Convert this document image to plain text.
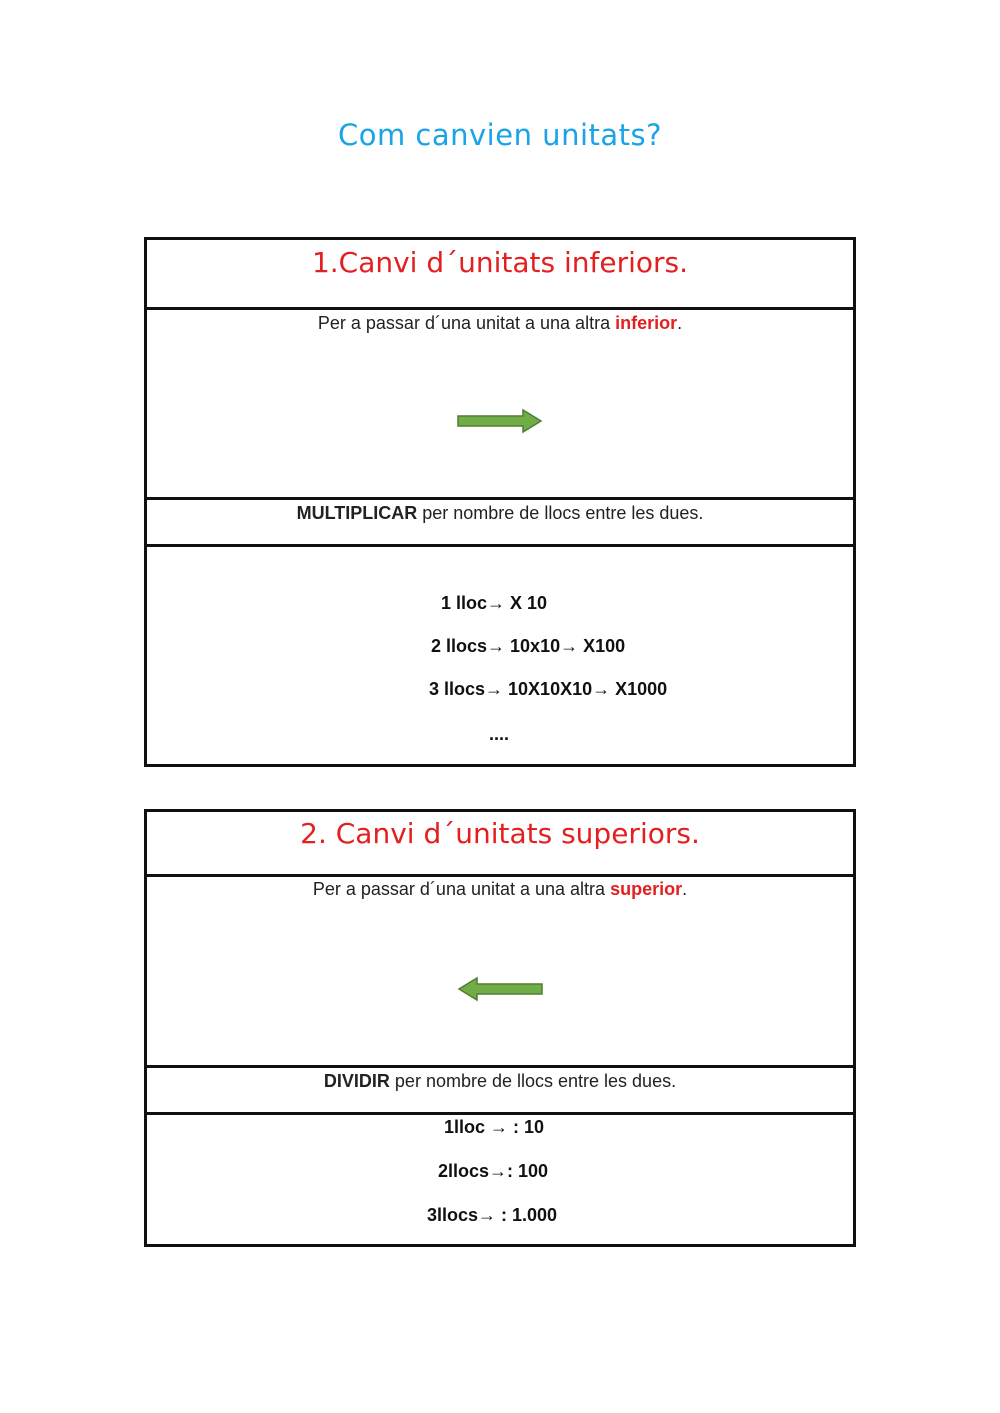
Com canvien unitats?
1.Canvi d´unitats inferiors.
Per a passar d´una unitat a una altra inferior.
MULTIPLICAR per nombre de llocs entre les dues.
1 lloc→ X 10
2 llocs→ 10x10→ X100
3 llocs→ 10X10X10→ X1000
....
2. Canvi d´unitats superiors.
Per a passar d´una unitat a una altra superior.
DIVIDIR per nombre de llocs entre les dues.
1lloc → : 10
2llocs→: 100
3llocs→ : 1.000
